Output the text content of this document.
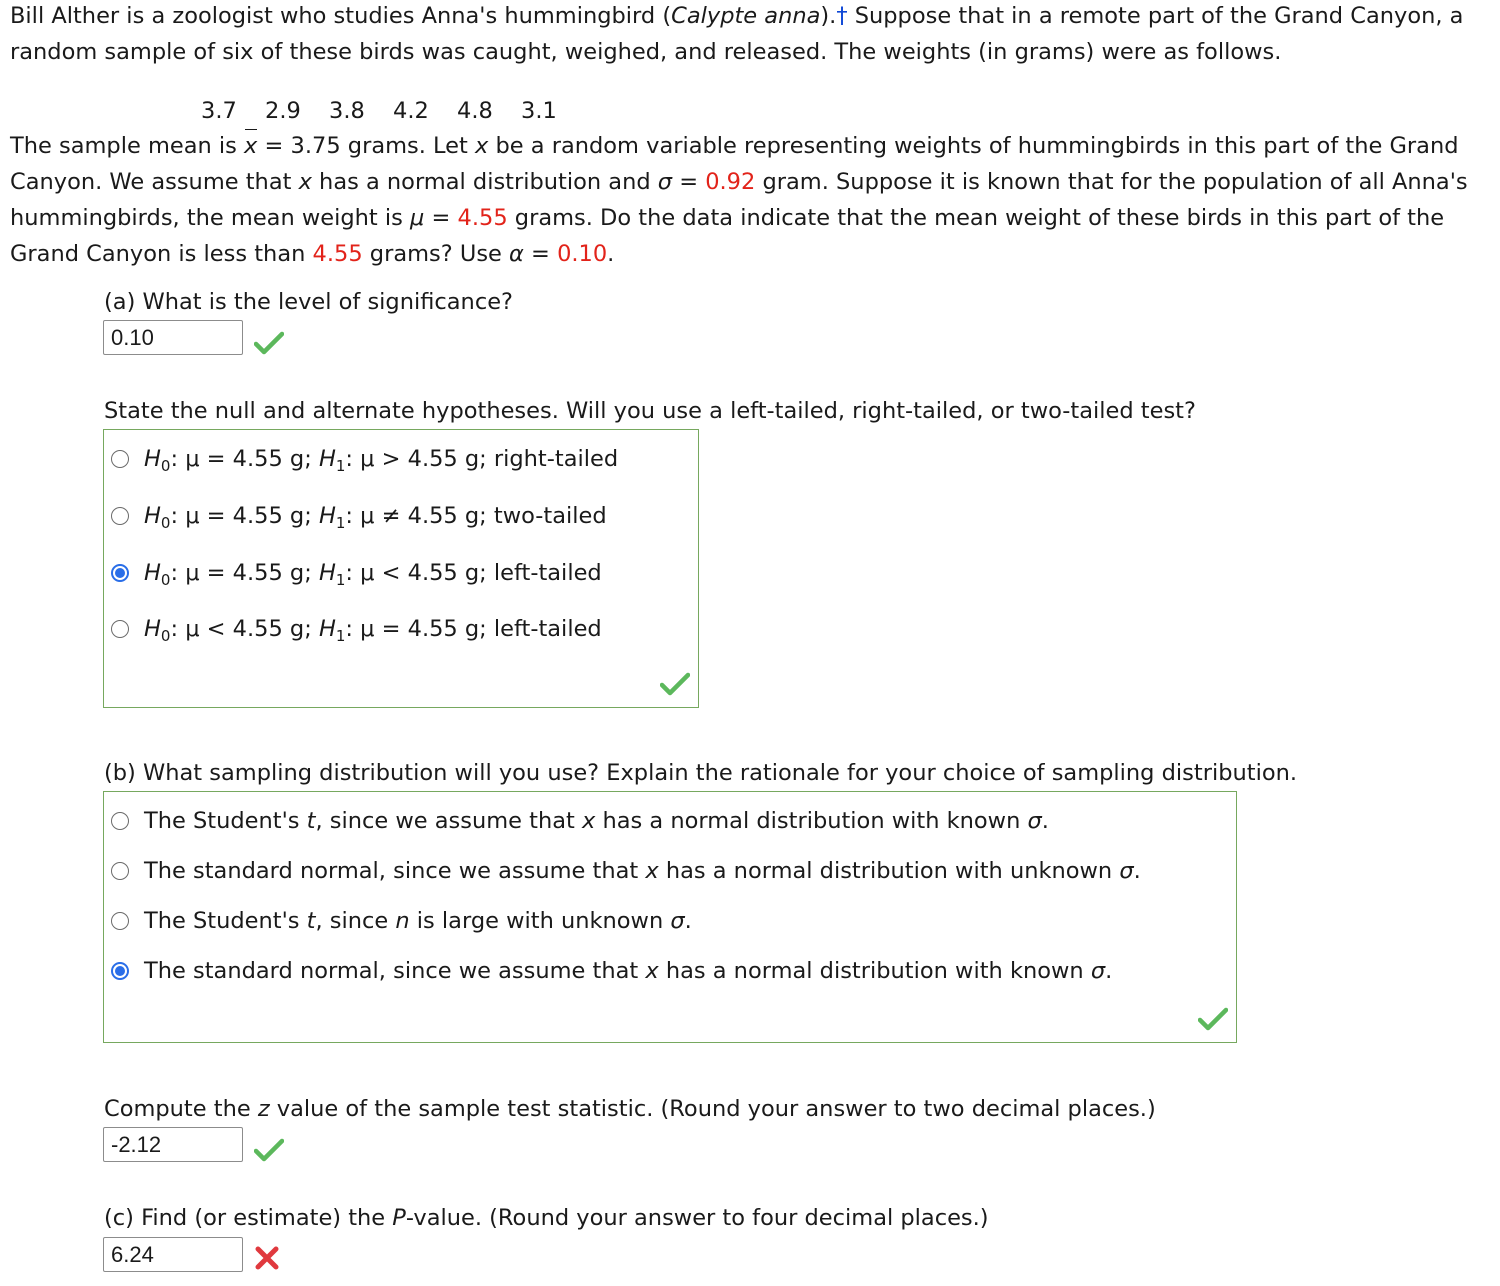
Bill Alther is a zoologist who studies Anna's hummingbird (Calypte anna).† Suppose that in a remote part of the Grand Canyon, a random sample of six of these birds was caught, weighed, and released. The weights (in grams) were as follows.

3.7 2.9 3.8 4.2 4.8 3.1

The sample mean is x = 3.75 grams. Let x be a random variable representing weights of hummingbirds in this part of the Grand Canyon. We assume that x has a normal distribution and σ = 0.92 gram. Suppose it is known that for the population of all Anna's hummingbirds, the mean weight is μ = 4.55 grams. Do the data indicate that the mean weight of these birds in this part of the Grand Canyon is less than 4.55 grams? Use α = 0.10.

(a) What is the level of significance?

0.10

State the null and alternate hypotheses. Will you use a left-tailed, right-tailed, or two-tailed test?

$H_0$: μ = 4.55 g; $H_1$: μ > 4.55 g; right-tailed
$H_0$: μ = 4.55 g; $H_1$: μ ≠ 4.55 g; two-tailed
$H_0$: μ = 4.55 g; $H_1$: μ < 4.55 g; left-tailed
$H_0$: μ < 4.55 g; $H_1$: μ = 4.55 g; left-tailed

(b) What sampling distribution will you use? Explain the rationale for your choice of sampling distribution.

The Student's t, since we assume that x has a normal distribution with known σ.
The standard normal, since we assume that x has a normal distribution with unknown σ.
The Student's t, since n is large with unknown σ.
The standard normal, since we assume that x has a normal distribution with known σ.

Compute the z value of the sample test statistic. (Round your answer to two decimal places.)

-2.12

(c) Find (or estimate) the P-value. (Round your answer to four decimal places.)

6.24
